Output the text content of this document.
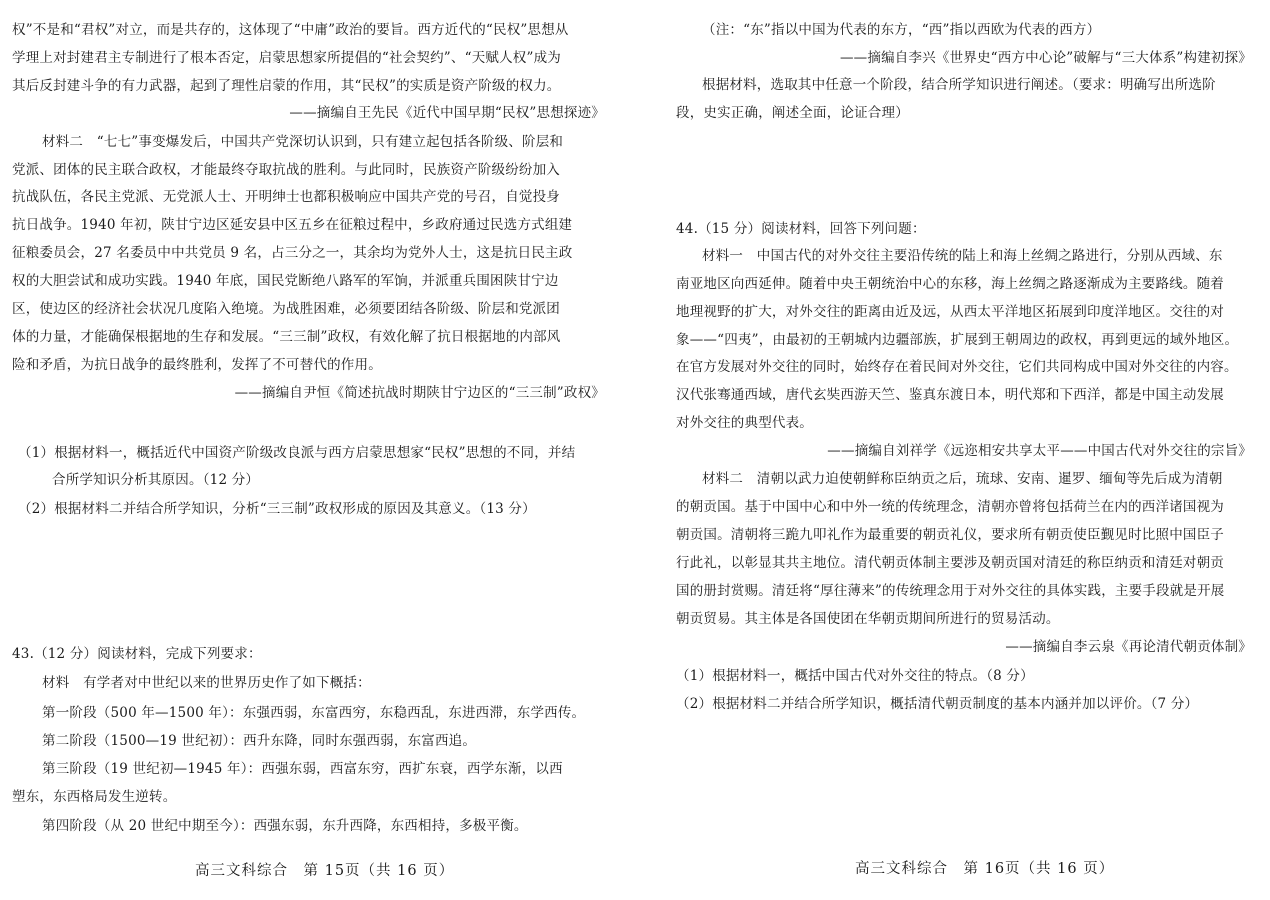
权”不是和“君权”对立，而是共存的，这体现了“中庸”政治的要旨。西方近代的“民权”思想从
学理上对封建君主专制进行了根本否定，启蒙思想家所提倡的“社会契约”、“天赋人权”成为
其后反封建斗争的有力武器，起到了理性启蒙的作用，其“民权”的实质是资产阶级的权力。
——摘编自王先民《近代中国早期“民权”思想探迹》
材料二　“七七”事变爆发后，中国共产党深切认识到，只有建立起包括各阶级、阶层和
党派、团体的民主联合政权，才能最终夺取抗战的胜利。与此同时，民族资产阶级纷纷加入
抗战队伍，各民主党派、无党派人士、开明绅士也都积极响应中国共产党的号召，自觉投身
抗日战争。1940 年初，陕甘宁边区延安县中区五乡在征粮过程中，乡政府通过民选方式组建
征粮委员会，27 名委员中中共党员 9 名，占三分之一，其余均为党外人士，这是抗日民主政
权的大胆尝试和成功实践。1940 年底，国民党断绝八路军的军饷，并派重兵围困陕甘宁边
区，使边区的经济社会状况几度陷入绝境。为战胜困难，必须要团结各阶级、阶层和党派团
体的力量，才能确保根据地的生存和发展。“三三制”政权，有效化解了抗日根据地的内部风
险和矛盾，为抗日战争的最终胜利，发挥了不可替代的作用。
——摘编自尹恒《简述抗战时期陕甘宁边区的“三三制”政权》
（1）根据材料一，概括近代中国资产阶级改良派与西方启蒙思想家“民权”思想的不同，并结
合所学知识分析其原因。（12 分）
（2）根据材料二并结合所学知识，分析“三三制”政权形成的原因及其意义。（13 分）
43.（12 分）阅读材料，完成下列要求：
材料　有学者对中世纪以来的世界历史作了如下概括：
第一阶段（500 年—1500 年）：东强西弱，东富西穷，东稳西乱，东进西滞，东学西传。
第二阶段（1500—19 世纪初）：西升东降，同时东强西弱，东富西追。
第三阶段（19 世纪初—1945 年）：西强东弱，西富东穷，西扩东衰，西学东渐，以西
塑东，东西格局发生逆转。
第四阶段（从 20 世纪中期至今）：西强东弱，东升西降，东西相持，多极平衡。
高三文科综合　第 15页（共 16 页）
（注：“东”指以中国为代表的东方，“西”指以西欧为代表的西方）
——摘编自李兴《世界史“西方中心论”破解与“三大体系”构建初探》
根据材料，选取其中任意一个阶段，结合所学知识进行阐述。（要求：明确写出所选阶
段，史实正确，阐述全面，论证合理）
44.（15 分）阅读材料，回答下列问题：
材料一　中国古代的对外交往主要沿传统的陆上和海上丝绸之路进行，分别从西域、东
南亚地区向西延伸。随着中央王朝统治中心的东移，海上丝绸之路逐渐成为主要路线。随着
地理视野的扩大，对外交往的距离由近及远，从西太平洋地区拓展到印度洋地区。交往的对
象——“四夷”，由最初的王朝城内边疆部族，扩展到王朝周边的政权，再到更远的域外地区。
在官方发展对外交往的同时，始终存在着民间对外交往，它们共同构成中国对外交往的内容。
汉代张骞通西域，唐代玄奘西游天竺、鉴真东渡日本，明代郑和下西洋，都是中国主动发展
对外交往的典型代表。
——摘编自刘祥学《远迩相安共享太平——中国古代对外交往的宗旨》
材料二　清朝以武力迫使朝鲜称臣纳贡之后，琉球、安南、暹罗、缅甸等先后成为清朝
的朝贡国。基于中国中心和中外一统的传统理念，清朝亦曾将包括荷兰在内的西洋诸国视为
朝贡国。清朝将三跪九叩礼作为最重要的朝贡礼仪，要求所有朝贡使臣觐见时比照中国臣子
行此礼，以彰显其共主地位。清代朝贡体制主要涉及朝贡国对清廷的称臣纳贡和清廷对朝贡
国的册封赏赐。清廷将“厚往薄来”的传统理念用于对外交往的具体实践，主要手段就是开展
朝贡贸易。其主体是各国使团在华朝贡期间所进行的贸易活动。
——摘编自李云泉《再论清代朝贡体制》
（1）根据材料一，概括中国古代对外交往的特点。（8 分）
（2）根据材料二并结合所学知识，概括清代朝贡制度的基本内涵并加以评价。（7 分）
高三文科综合　第 16页（共 16 页）
